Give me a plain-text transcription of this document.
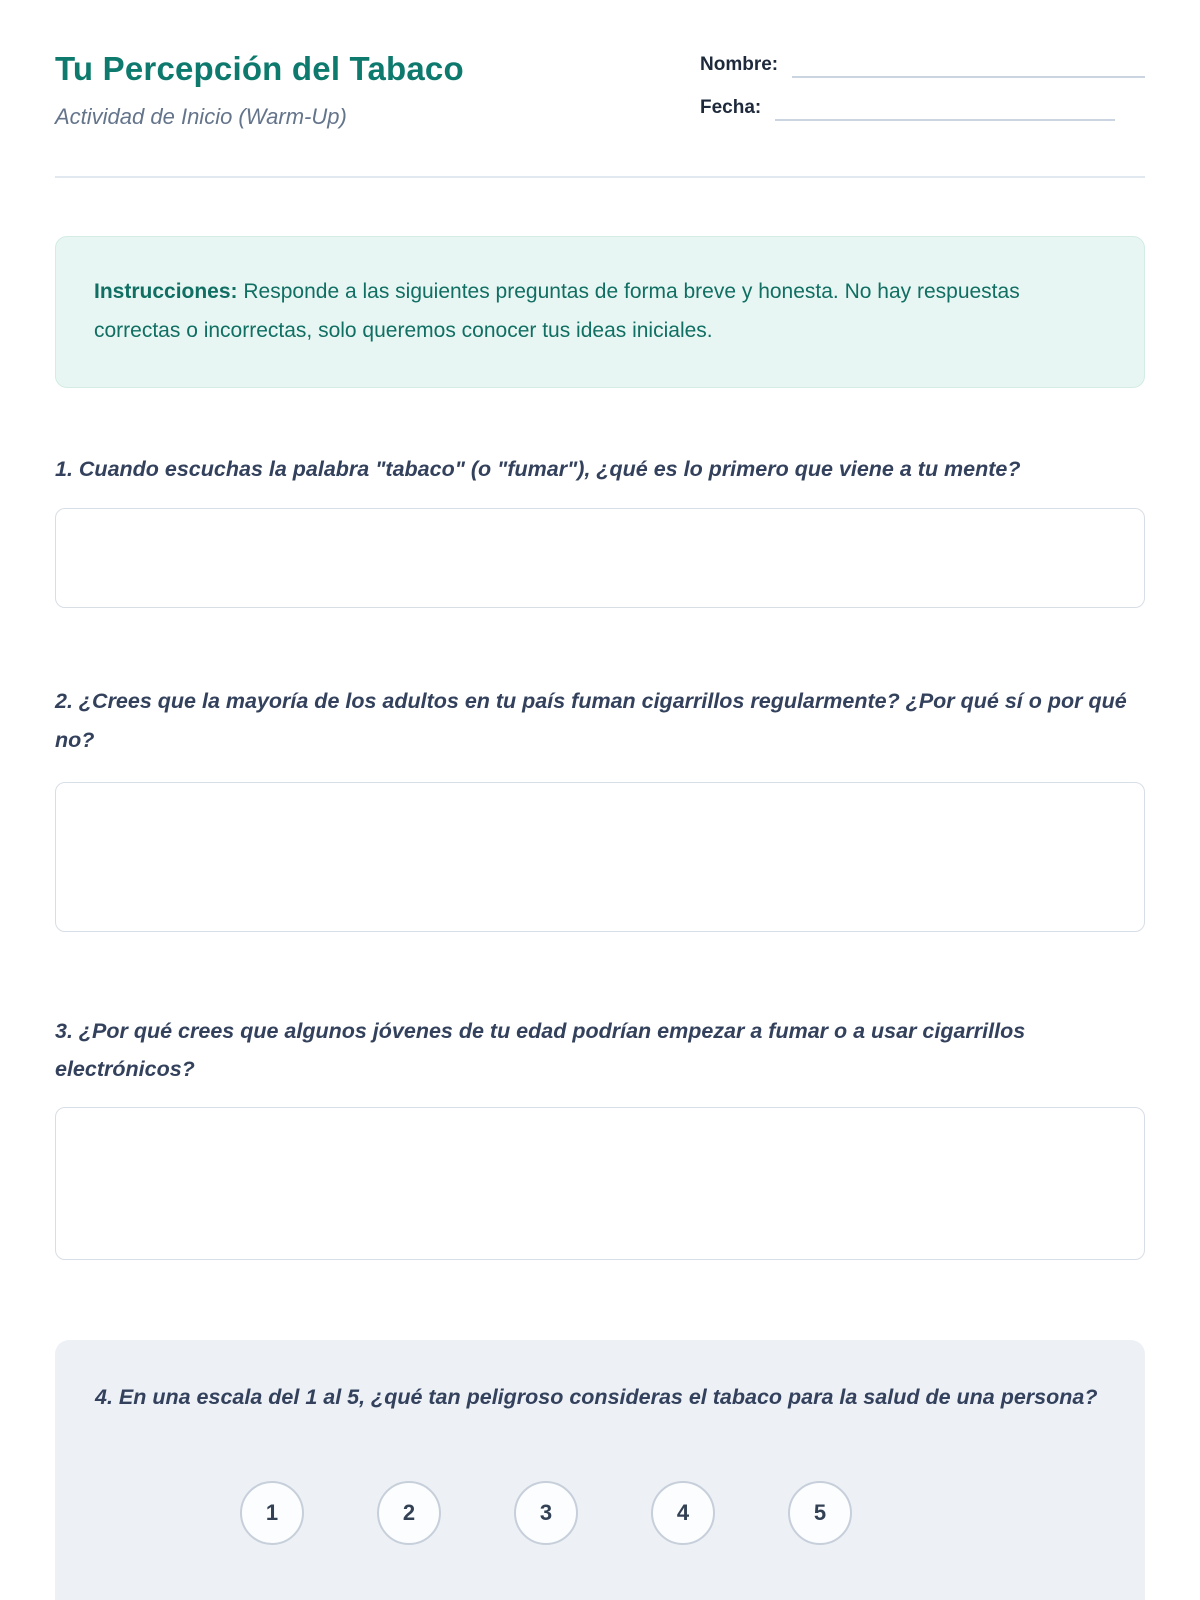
Tu Percepción del Tabaco
Actividad de Inicio (Warm-Up)
Nombre:
Fecha:
Instrucciones: Responde a las siguientes preguntas de forma breve y honesta. No hay respuestas correctas o incorrectas, solo queremos conocer tus ideas iniciales.
1. Cuando escuchas la palabra "tabaco" (o "fumar"), ¿qué es lo primero que viene a tu mente?
2. ¿Crees que la mayoría de los adultos en tu país fuman cigarrillos regularmente? ¿Por qué sí o por qué no?
3. ¿Por qué crees que algunos jóvenes de tu edad podrían empezar a fumar o a usar cigarrillos electrónicos?
4. En una escala del 1 al 5, ¿qué tan peligroso consideras el tabaco para la salud de una persona?
1	2	3	4	5
